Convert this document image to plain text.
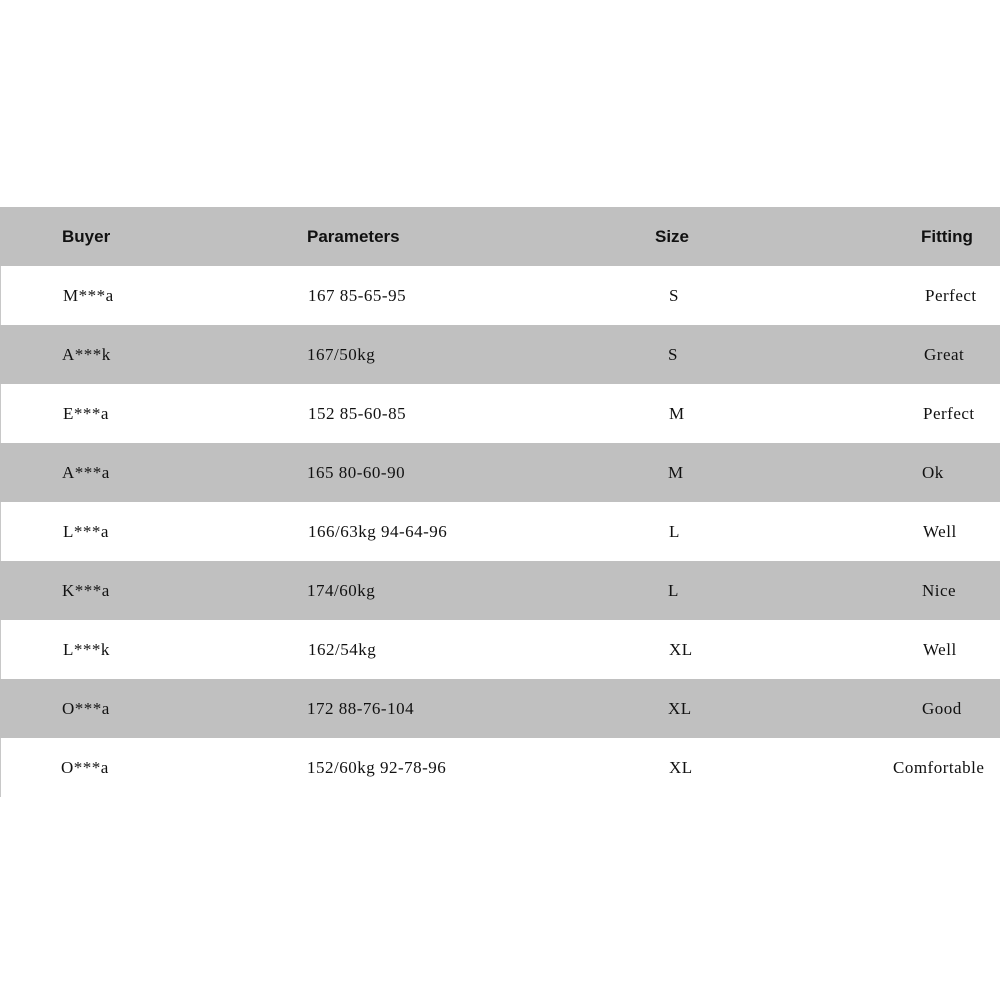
Buyer	Parameters	Size	Fitting
M***a	167 85-65-95	S	Perfect
A***k	167/50kg	S	Great
E***a	152 85-60-85	M	Perfect
A***a	165 80-60-90	M	Ok
L***a	166/63kg 94-64-96	L	Well
K***a	174/60kg	L	Nice
L***k	162/54kg	XL	Well
O***a	172 88-76-104	XL	Good
O***a	152/60kg 92-78-96	XL	Comfortable
